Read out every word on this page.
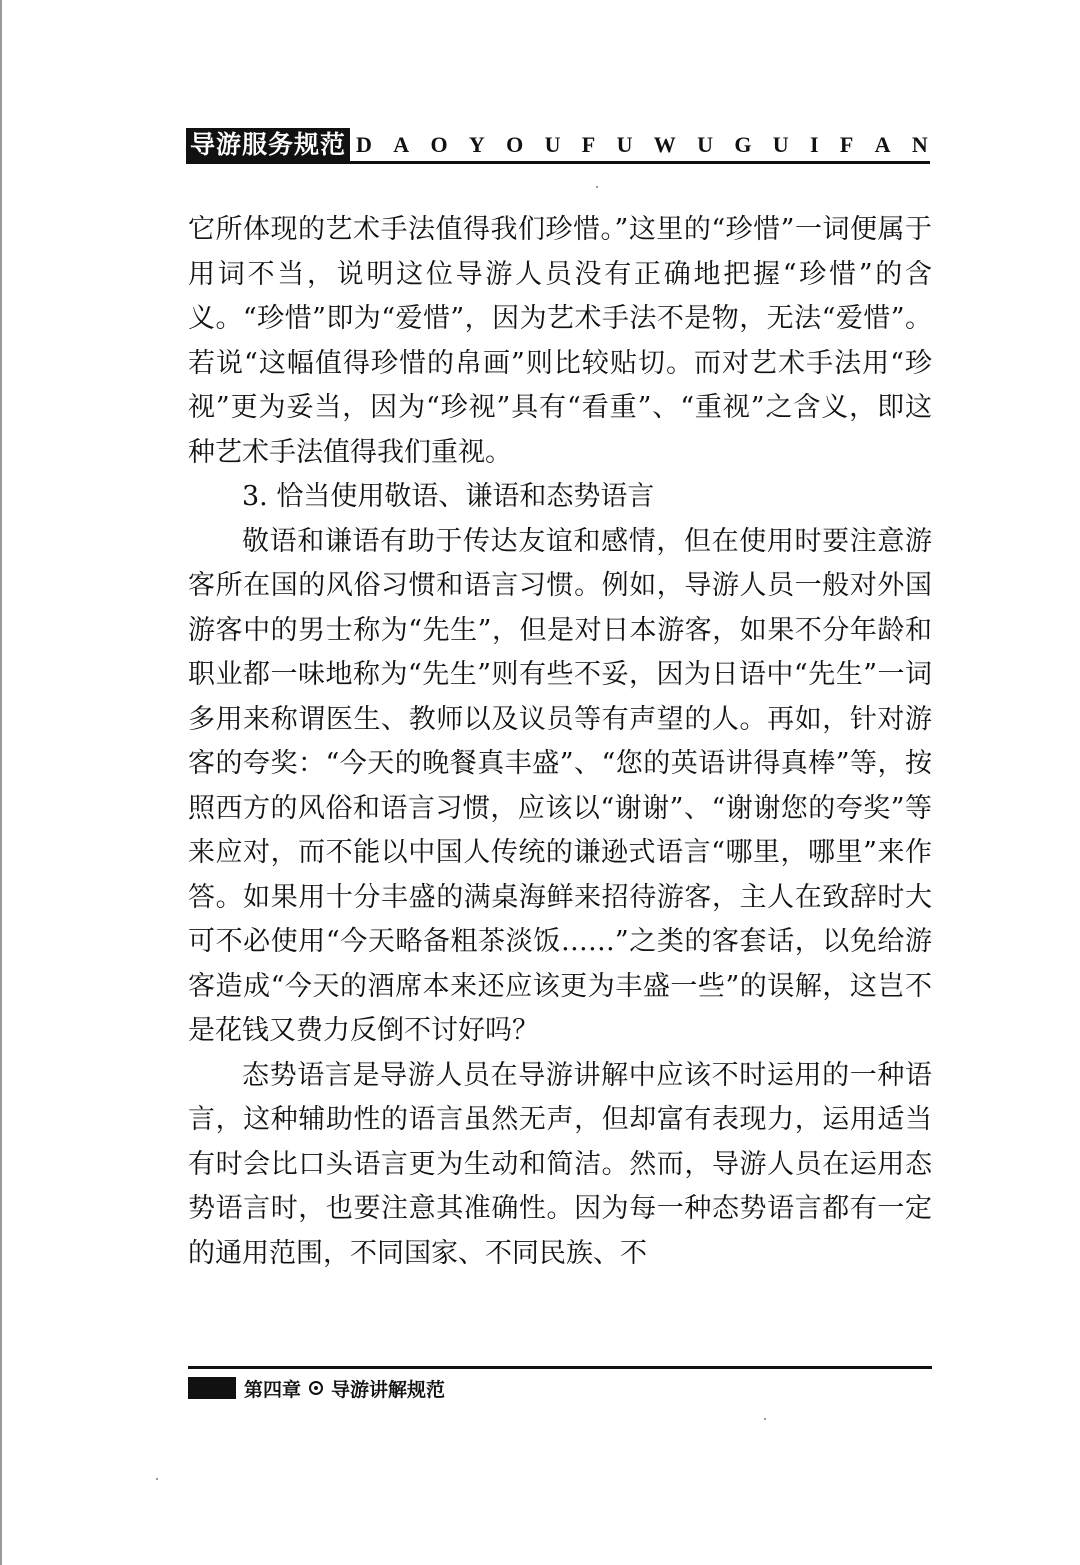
导游服务规范 D A O Y O U F U W U G U I F A N

它所体现的艺术手法值得我们珍惜。”这里的“珍惜”一词便属于用词不当，说明这位导游人员没有正确地把握“珍惜”的含义。“珍惜”即为“爱惜”，因为艺术手法不是物，无法“爱惜”。若说“这幅值得珍惜的帛画”则比较贴切。而对艺术手法用“珍视”更为妥当，因为“珍视”具有“看重”、“重视”之含义，即这种艺术手法值得我们重视。

3. 恰当使用敬语、谦语和态势语言

敬语和谦语有助于传达友谊和感情，但在使用时要注意游客所在国的风俗习惯和语言习惯。例如，导游人员一般对外国游客中的男士称为“先生”，但是对日本游客，如果不分年龄和职业都一味地称为“先生”则有些不妥，因为日语中“先生”一词多用来称谓医生、教师以及议员等有声望的人。再如，针对游客的夸奖：“今天的晚餐真丰盛”、“您的英语讲得真棒”等，按照西方的风俗和语言习惯，应该以“谢谢”、“谢谢您的夸奖”等来应对，而不能以中国人传统的谦逊式语言“哪里，哪里”来作答。如果用十分丰盛的满桌海鲜来招待游客，主人在致辞时大可不必使用“今天略备粗茶淡饭……”之类的客套话，以免给游客造成“今天的酒席本来还应该更为丰盛一些”的误解，这岂不是花钱又费力反倒不讨好吗？

态势语言是导游人员在导游讲解中应该不时运用的一种语言，这种辅助性的语言虽然无声，但却富有表现力，运用适当有时会比口头语言更为生动和简洁。然而，导游人员在运用态势语言时，也要注意其准确性。因为每一种态势语言都有一定的通用范围，不同国家、不同民族、不

第四章 导游讲解规范
